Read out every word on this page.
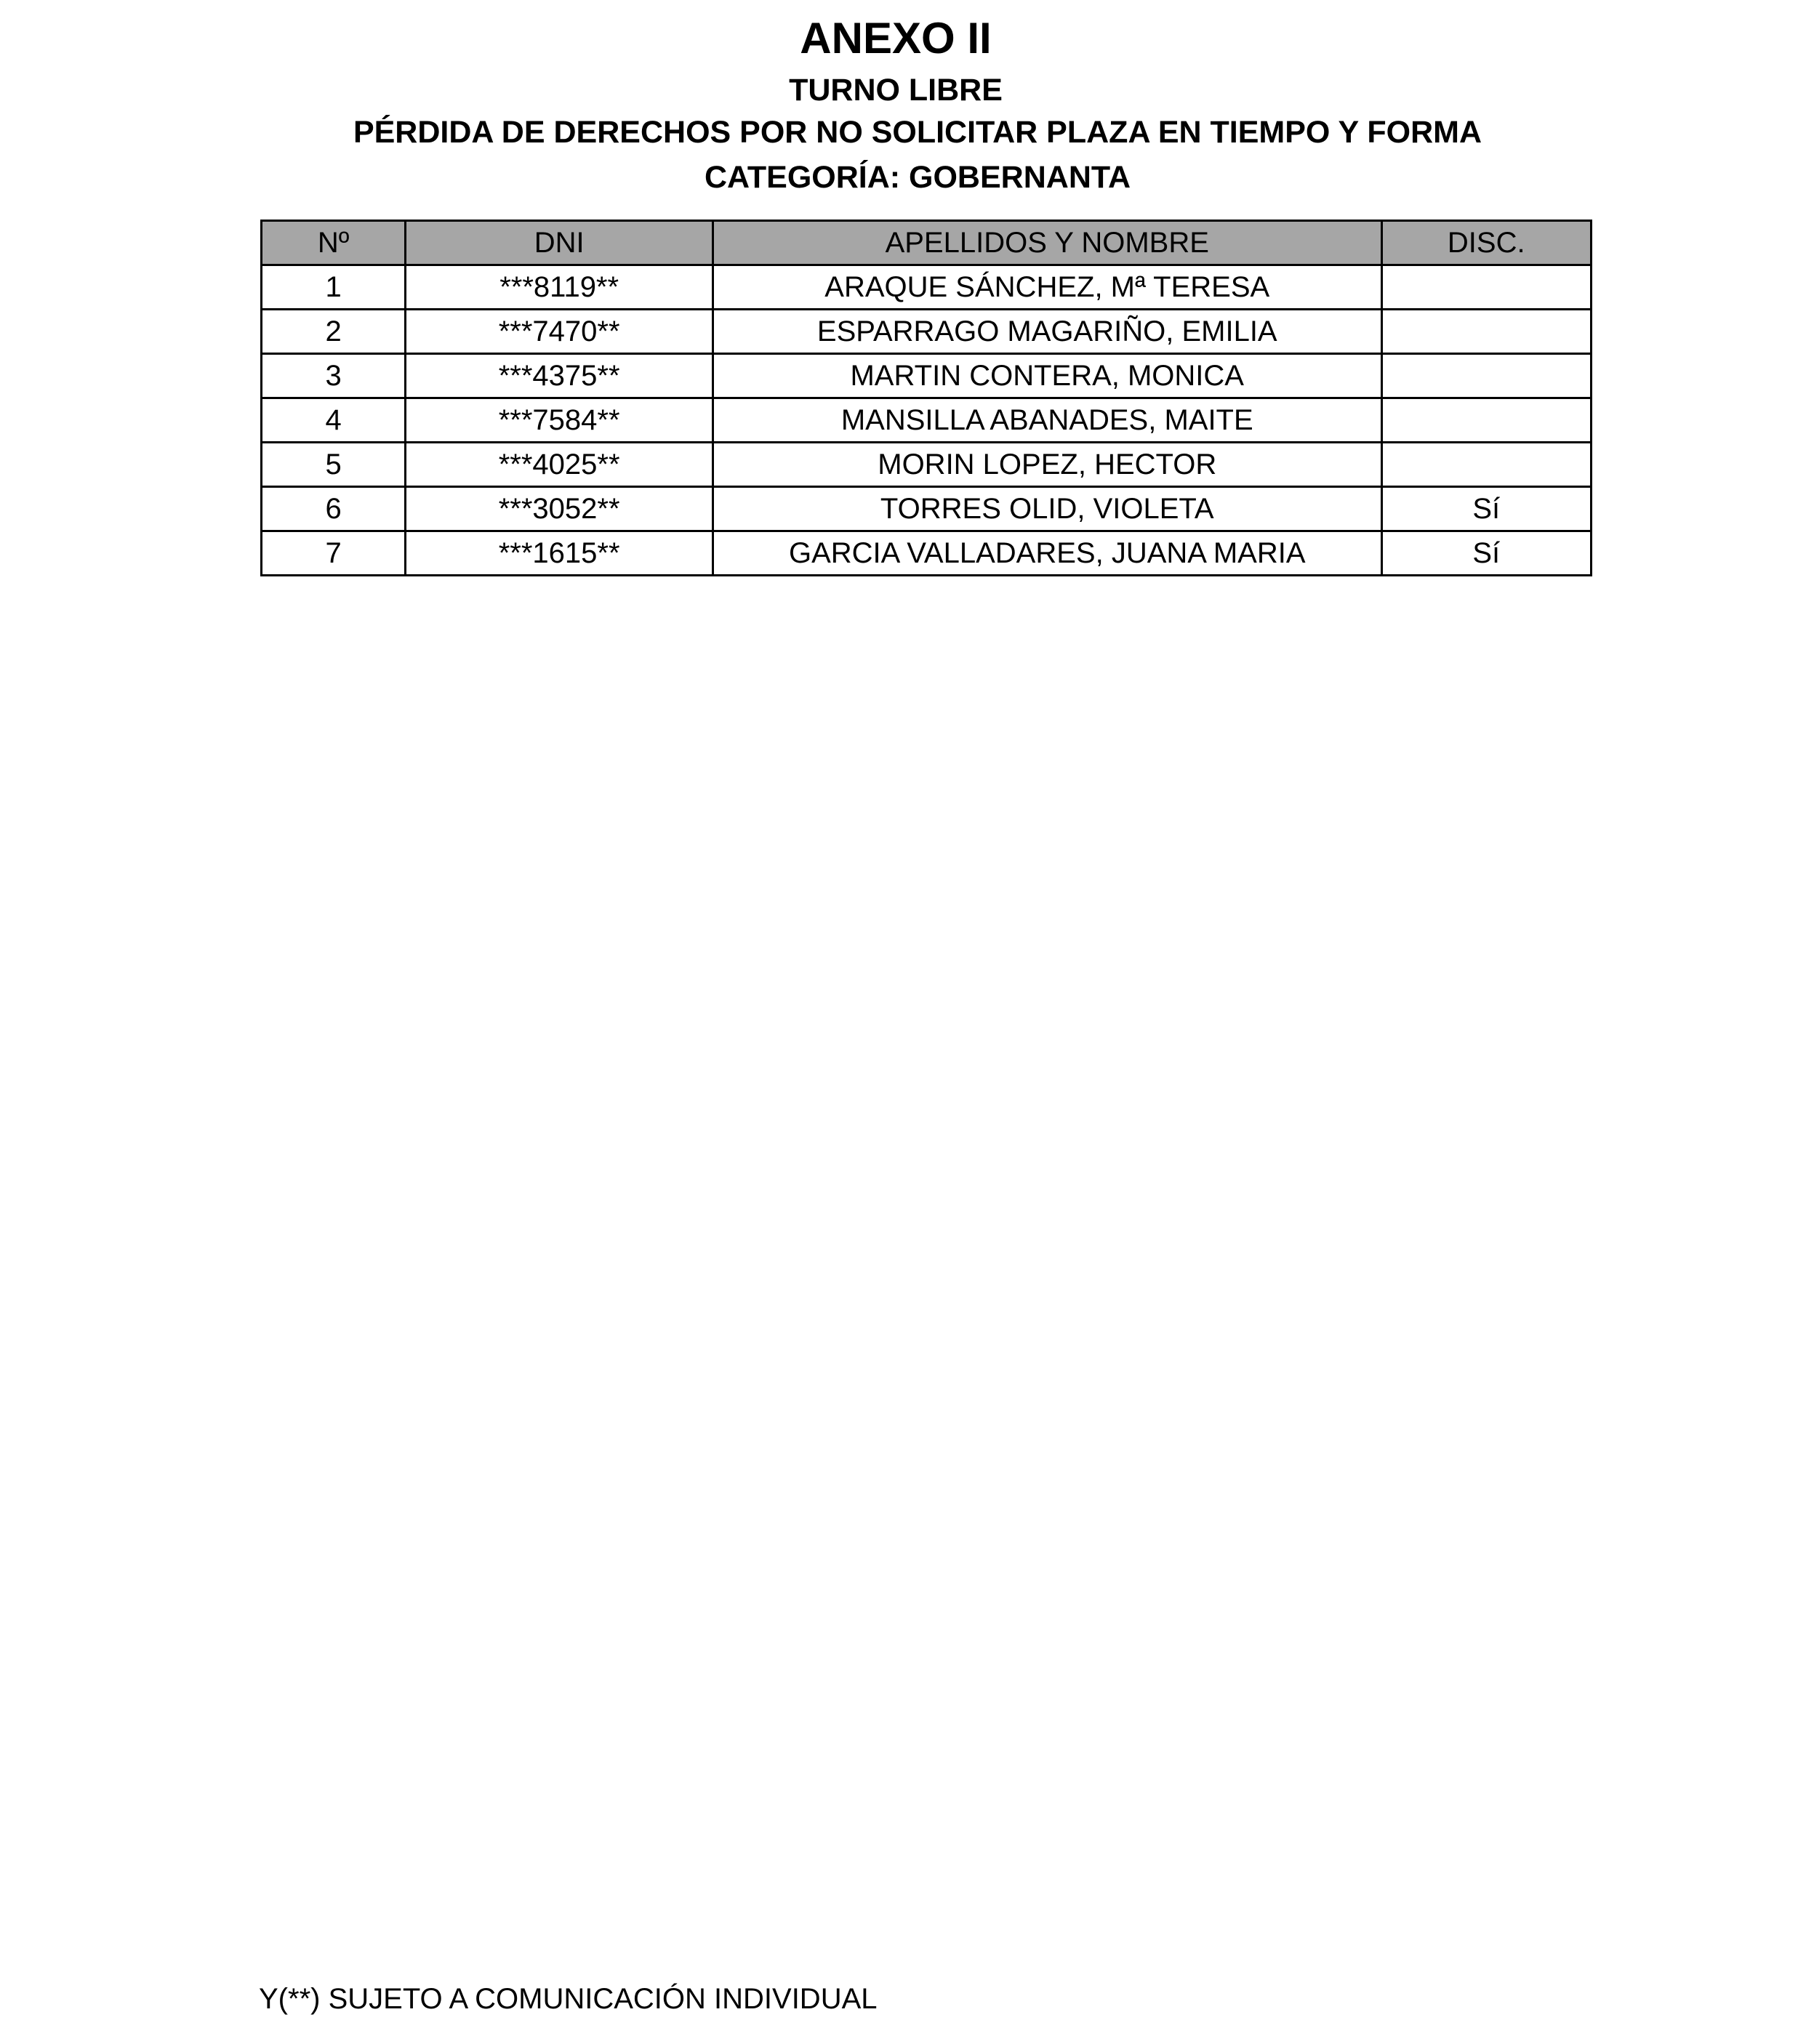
ANEXO II
TURNO LIBRE
PÉRDIDA DE DERECHOS POR NO SOLICITAR PLAZA EN TIEMPO Y FORMA
CATEGORÍA: GOBERNANTA
Nº	DNI	APELLIDOS Y NOMBRE	DISC.
1	***8119**	ARAQUE SÁNCHEZ, Mª TERESA	
2	***7470**	ESPARRAGO MAGARIÑO, EMILIA	
3	***4375**	MARTIN CONTERA, MONICA	
4	***7584**	MANSILLA ABANADES, MAITE	
5	***4025**	MORIN LOPEZ, HECTOR	
6	***3052**	TORRES OLID, VIOLETA	Sí
7	***1615**	GARCIA VALLADARES, JUANA MARIA	Sí
Y(**) SUJETO A COMUNICACIÓN INDIVIDUAL
